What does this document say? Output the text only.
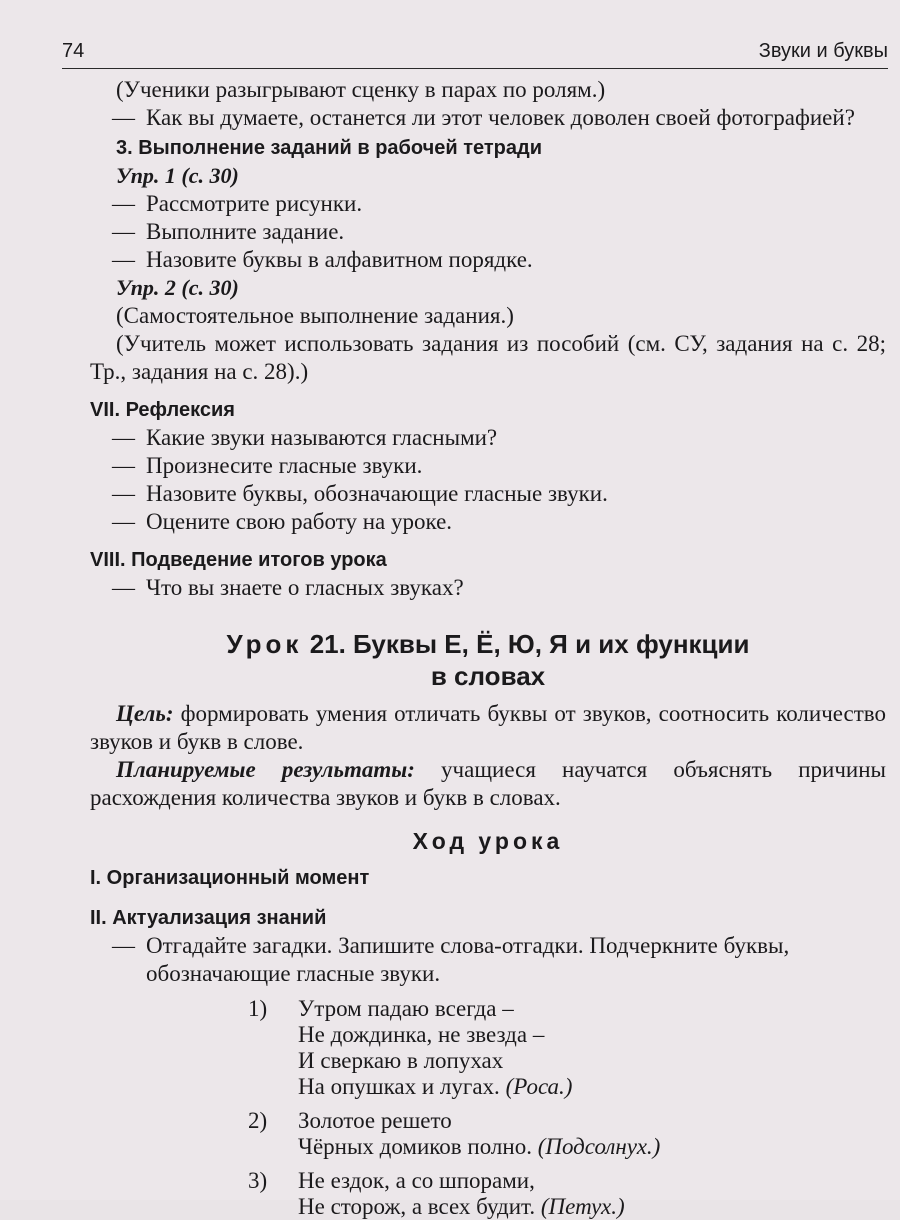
74	Звуки и буквы

(Ученики разыгрывают сценку в парах по ролям.)

— Как вы думаете, останется ли этот человек доволен своей фотографией?

3. Выполнение заданий в рабочей тетради

Упр. 1 (с. 30)
— Рассмотрите рисунки.
— Выполните задание.
— Назовите буквы в алфавитном порядке.
Упр. 2 (с. 30)

(Самостоятельное выполнение задания.)

(Учитель может использовать задания из пособий (см. СУ, задания на с. 28; Тр., задания на с. 28).)

VII. Рефлексия

— Какие звуки называются гласными?
— Произнесите гласные звуки.
— Назовите буквы, обозначающие гласные звуки.
— Оцените свою работу на уроке.

VIII. Подведение итогов урока

— Что вы знаете о гласных звуках?
Урок 21. Буквы Е, Ё, Ю, Я и их функции
в словах

Цель: формировать умения отличать буквы от звуков, соотносить количество звуков и букв в слове.

Планируемые результаты: учащиеся научатся объяснять причины расхождения количества звуков и букв в словах.

Ход урока

I. Организационный момент

II. Актуализация знаний

— Отгадайте загадки. Запишите слова-отгадки. Подчеркните буквы, обозначающие гласные звуки.
1)	Утром падаю всегда –
Не дождинка, не звезда –
И сверкаю в лопухах
На опушках и лугах. (Роса.)
2)	Золотое решето
Чёрных домиков полно. (Подсолнух.)
3)	Не ездок, а со шпорами,
Не сторож, а всех будит. (Петух.)
